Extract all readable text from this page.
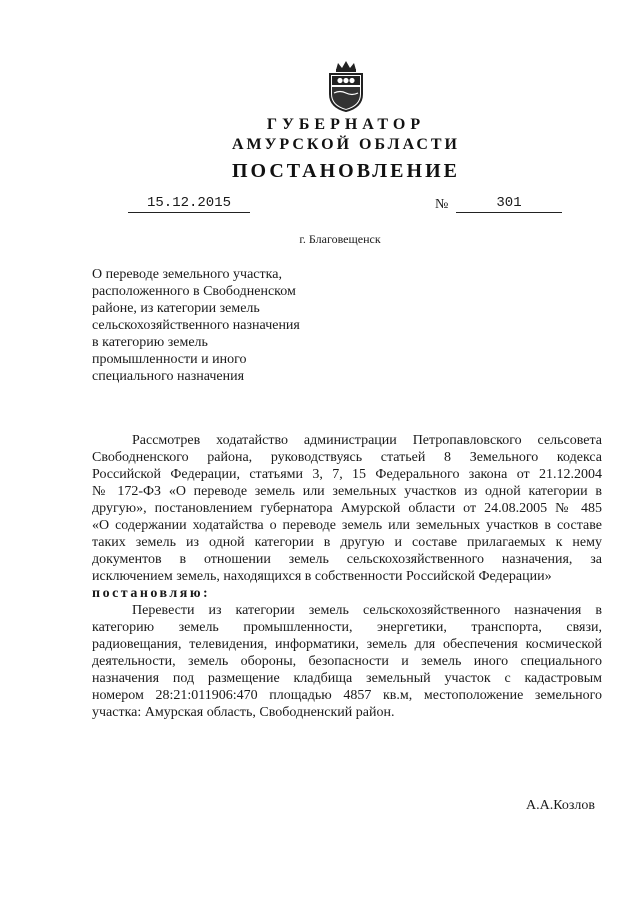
ГУБЕРНАТОР
АМУРСКОЙ ОБЛАСТИ
ПОСТАНОВЛЕНИЕ
15.12.2015	№	301
г. Благовещенск
О переводе земельного участка,
расположенного в Свободненском
районе, из категории земель
сельскохозяйственного назначения
в категорию земель
промышленности и иного
специального назначения
Рассмотрев ходатайство администрации Петропавловского сельсовета
Свободненского района, руководствуясь статьей 8 Земельного кодекса
Российской Федерации, статьями 3, 7, 15 Федерального закона от 21.12.2004
№ 172-ФЗ «О переводе земель или земельных участков из одной категории в
другую», постановлением губернатора Амурской области от 24.08.2005 № 485
«О содержании ходатайства о переводе земель или земельных участков в составе
таких земель из одной категории в другую и составе прилагаемых к нему
документов в отношении земель сельскохозяйственного назначения, за
исключением земель, находящихся в собственности Российской Федерации»
постановляю:
Перевести из категории земель сельскохозяйственного назначения в
категорию земель промышленности, энергетики, транспорта, связи,
радиовещания, телевидения, информатики, земель для обеспечения космической
деятельности, земель обороны, безопасности и земель иного специального
назначения под размещение кладбища земельный участок с кадастровым
номером 28:21:011906:470 площадью 4857 кв.м, местоположение земельного
участка: Амурская область, Свободненский район.
А.А.Козлов
